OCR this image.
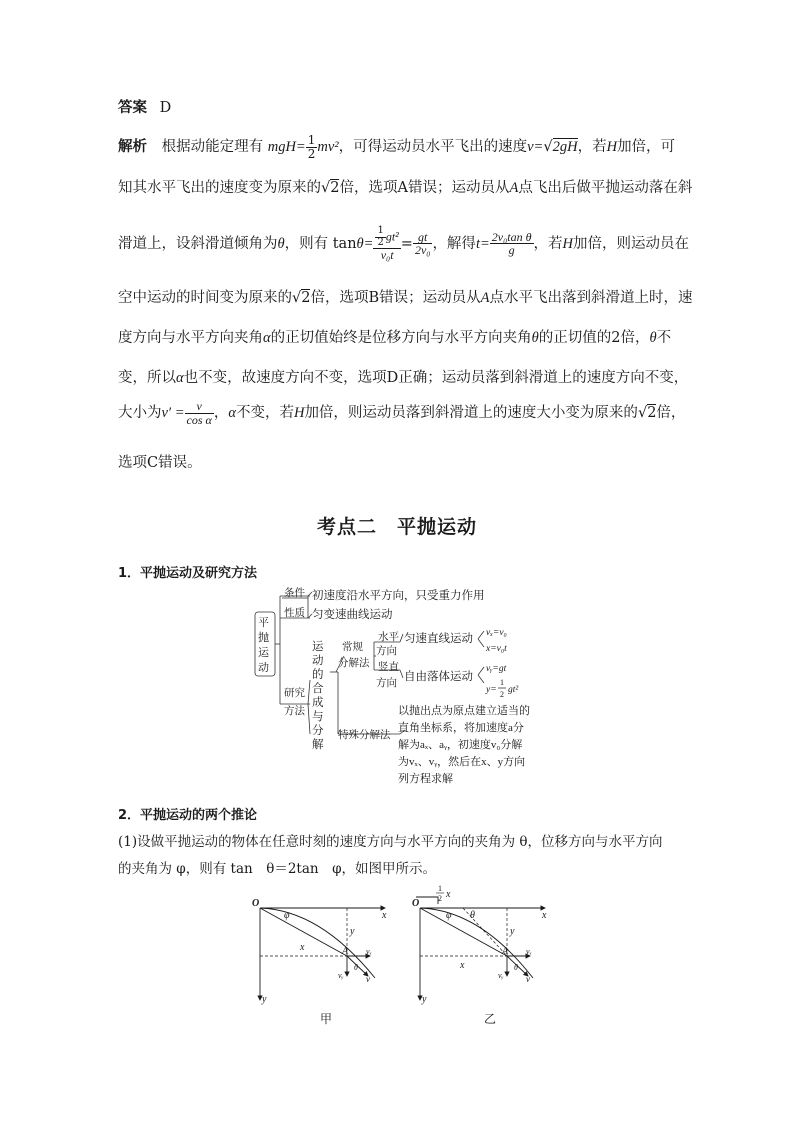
答案 D
解析 根据动能定理有 $mgH= \frac{1}{2} mv^2$，可得运动员水平飞出的速度v=√2gH，若H加倍，可
知其水平飞出的速度变为原来的√2倍，选项A错误；运动员从A点飞出后做平抛运动落在斜
滑道上，设斜滑道倾角为θ，则有 $\tan\theta= \frac{\frac{1}{2} gt^2}{\text{v₀t}} = \frac{gt}{\text{2v₀}}$ ，解得$t= \frac{\text{2v₀tan θ}}{g}$ ，若H加倍，则运动员在
空中运动的时间变为原来的√2倍，选项B错误；运动员从A点水平飞出落到斜滑道上时，速
度方向与水平方向夹角α的正切值始终是位移方向与水平方向夹角θ的正切值的2倍，θ不
变，所以α也不变，故速度方向不变，选项D正确；运动员落到斜滑道上的速度方向不变，
大小为$v' = \frac{v}{\text{cos α}}$ ，α不变，若H加倍，则运动员落到斜滑道上的速度大小变为原来的√2倍，
选项C错误。
考点二　平抛运动
1．平抛运动及研究方法
平
抛
运
动
条件 初速度沿水平方向，只受重力作用
性质 匀变速曲线运动
研究
方法
运
动
的
合
成
与
分
解
常规
分解法
水平
方向
竖直
方向
匀速直线运动
自由落体运动
vₓ=v₀
x=v₀t
vᵧ=gt
y=
1
2 gt²
特殊分解法
以抛出点为原点建立适当的
直角坐标系，将加速度a分
解为aₓ、aᵧ，初速度v₀分解
为vₓ、vᵧ，然后在x、y方向
列方程求解
2．平抛运动的两个推论
(1)设做平抛运动的物体在任意时刻的速度方向与水平方向的夹角为 θ，位移方向与水平方向
的夹角为 φ，则有 tan　θ＝2tan　φ，如图甲所示。
O
x
y
φ
y
x	A vₓ
θ
vᵧ	v
甲
O
1
2 x
x
y
φ θ
y
x
A vₓ
θ
vᵧ	v
乙
